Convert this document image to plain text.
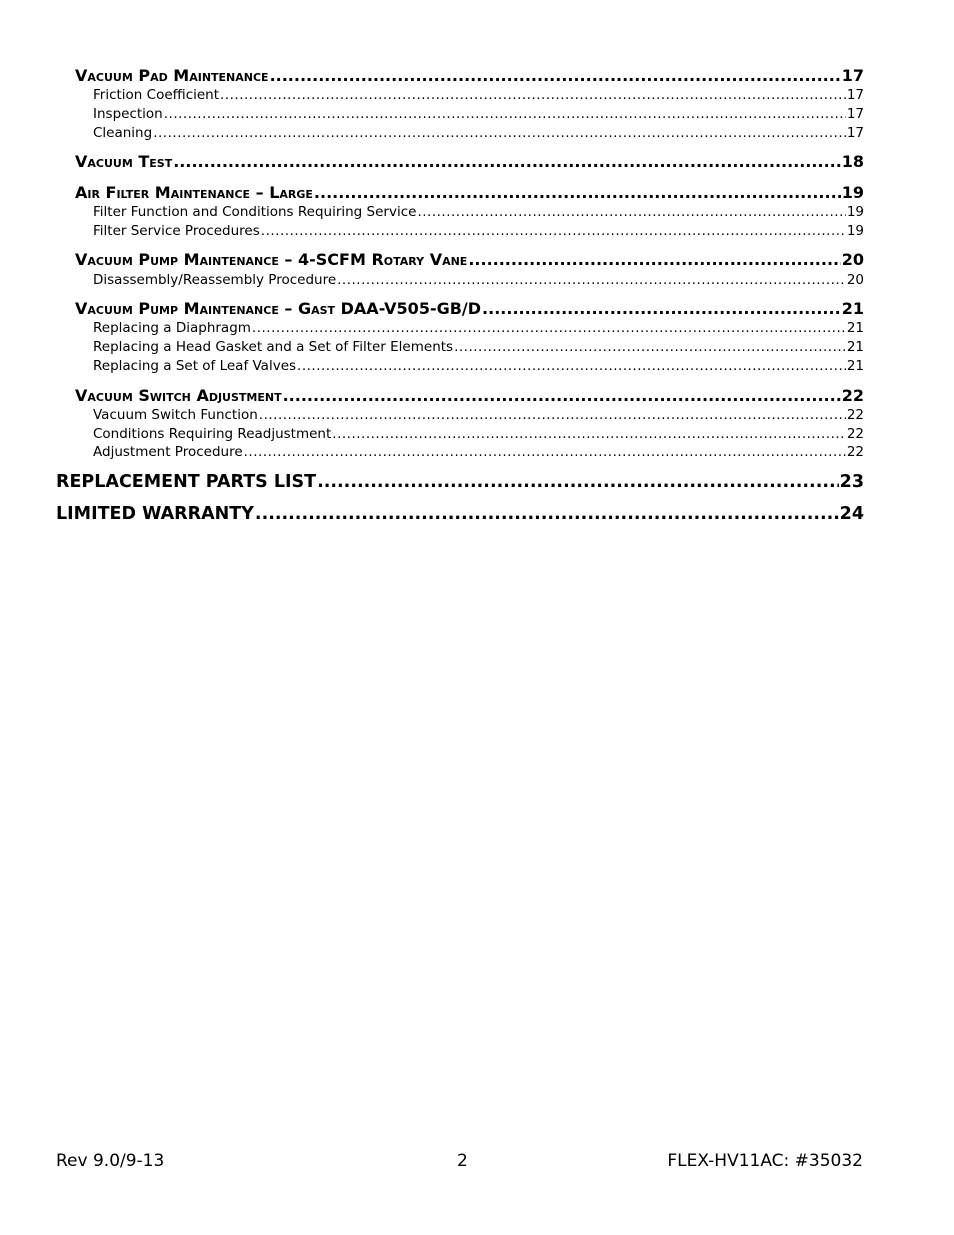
Vacuum Pad Maintenance .....	17
Friction Coefficient .....	17
Inspection .....	17
Cleaning .....	17
Vacuum Test .....	18
Air Filter Maintenance – Large .....	19
Filter Function and Conditions Requiring Service .....	19
Filter Service Procedures .....	19
Vacuum Pump Maintenance – 4-SCFM Rotary Vane .....	20
Disassembly/Reassembly Procedure .....	20
Vacuum Pump Maintenance – Gast DAA-V505-GB/D .....	21
Replacing a Diaphragm .....	21
Replacing a Head Gasket and a Set of Filter Elements .....	21
Replacing a Set of Leaf Valves .....	21
Vacuum Switch Adjustment .....	22
Vacuum Switch Function .....	22
Conditions Requiring Readjustment .....	22
Adjustment Procedure .....	22
REPLACEMENT PARTS LIST .....	23
LIMITED WARRANTY .....	24
Rev 9.0/9-13	2	FLEX-HV11AC: #35032
